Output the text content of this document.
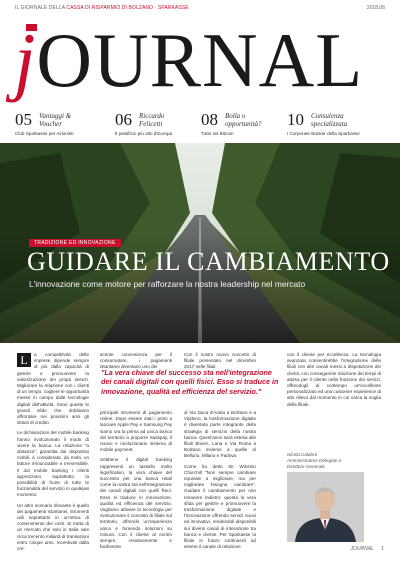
IL GIORNALE DELLA CASSA DI RISPARMIO DI BOLZANO · SPARKASSE	2018.06
jOURNAL
05 Vantaggi &
Voucher
Club Sparkasse per Azionisti
06 Riccardo
Felicetti
Il pastificio più alto d'Europa
08 Bolla o
opportunità?
Tutto sul Bitcoin
10 Consulenza
specializzata
I Corporate Banker della Sparkasse
TRADIZIONE ED INNOVAZIONE
GUIDARE IL CAMBIAMENTO
L'innovazione come motore per rafforzare la nostra leadership nel mercato

L	a competitività delle imprese dipende sempre di più dalla capacità di gestire e promuovere la valorizzazione dei propri servizi. Migliorare la relazione con i clienti di un tempo, cogliere le opportunità messe in campo dalle tecnologie digitali dell'attività. Sono queste le grandi sfide che dobbiamo affrontare nei prossimi anni gli istituti di credito.

Le dichiarazioni del mobile banking hanno rivoluzionato il modo di vivere la banca. La relazione "a distanza", garantita dai dispositivi mobili, è considerata, da molti, un fattore irrinunciabile e irreversibile. Il dal mobile banking i clienti apprezzano soprattutto la possibilità di fruire di tutte le funzionalità del servizio in qualsiasi momento.

Un altro scenario rilevante è quello dei pagamenti istantanei, strumenti utili soprattutto in un'ottica di contenimento dei costi. Si tratta di un mercato che solo in Italia vale circa trecento miliardi di transazioni entro cinque anni. Incentivati dalla cre-

scente convenienza per il consumatore, i pagamenti istantanei diventano uno dei
Con il nostro nuovo concetto di filiale presentato nel dicembre 2017 nelle filiali
con il cliente per eccellenza. La tecnologia avanzata consentirebbe l'integrazione delle filiali con altri canali messi a disposizione dei clienti, con conseguente riduzione dei tempi di attesa per il cliente nella fruizione dei servizi, offrendogli al contempo un'eccellente personalizzato ed una customer experience di alto rilievo dal momento in cui varca la soglia della filiale.
"La vera chiave del successo sta nell'integrazione dei canali digitali con quelli fisici. Esso si traduce in innovazione, qualità ed efficienza del servizio."

principali strumenti di pagamento online. Dopo essere stati i primi a lanciare Apple Pay e Samsung Pay siamo ora la prima ad unica banca del territorio a proporre Satispay, il nuovo e rivoluzionario sistema di mobile payment.

Sebbene il digital banking rappresenti un tassello molto significativo, la vera chiave del successo per una banca retail come la nostra sta nell'integrazione dei canali digitali con quelli fisici. Esso si traduce in innovazione, qualità ed efficienza del servizio. Vogliamo attivare la tecnologia per rivoluzionare il concetto di filiale sul territorio, offrendo un'esperienza unica e fornendo soluzioni su misura. Con il cliente al centro sempre, creativamente e facilmente.

di Via Duca d'Aosta a Bolzano e a Vipiteno, la trasformazione digitale è diventata parte integrante della strategia di servizio della nostra banca. Quest'anno sarà estesa alle filiali Brixen, Lana e Via Roma a Bolzano insieme a quelle di Belluno, Milano e Padova.

Come ha detto Sir Winston Churchill "Non sempre cambiare equivale a migliorare, ma per migliorare bisogna cambiare". Guidare il cambiamento per non rimanere indietro: questa la vera sfida per gestire e promuovere la trasformazione digitale e l'innovazione offrendo servizi nuovi ed innovativi, rendendoli disponibili sui diversi canali di interazione tra banca e cliente. Per Sparkasse la filiale in futuro continuerà ad essere il canale di relazione

Nicola Calabrò
Amministratore Delegato e
Direttore Generale
JOURNAL 1
